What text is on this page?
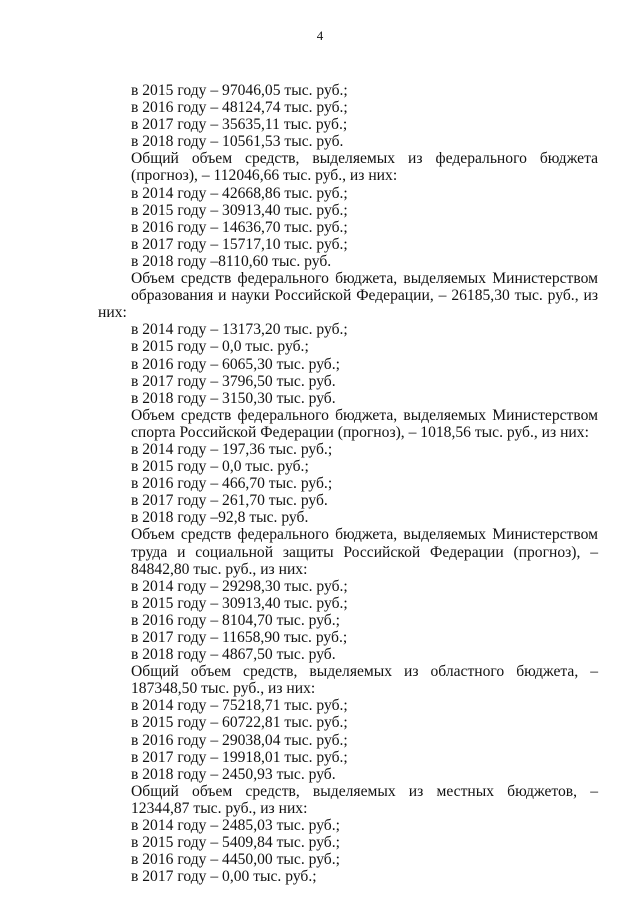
4
в 2015 году – 97046,05 тыс. руб.;
в 2016 году – 48124,74 тыс. руб.;
в 2017 году – 35635,11 тыс. руб.;
в 2018 году – 10561,53 тыс. руб.
Общий объем средств, выделяемых из федерального бюджета
(прогноз), – 112046,66 тыс. руб., из них:
в 2014 году – 42668,86 тыс. руб.;
в 2015 году – 30913,40 тыс. руб.;
в 2016 году – 14636,70 тыс. руб.;
в 2017 году – 15717,10 тыс. руб.;
в 2018 году –8110,60 тыс. руб.
Объем средств федерального бюджета, выделяемых Министерством
образования и науки Российской Федерации, – 26185,30 тыс. руб., из них:
в 2014 году – 13173,20 тыс. руб.;
в 2015 году – 0,0 тыс. руб.;
в 2016 году – 6065,30 тыс. руб.;
в 2017 году – 3796,50 тыс. руб.
в 2018 году – 3150,30 тыс. руб.
Объем средств федерального бюджета, выделяемых Министерством
спорта Российской Федерации (прогноз), – 1018,56 тыс. руб., из них:
в 2014 году – 197,36 тыс. руб.;
в 2015 году – 0,0 тыс. руб.;
в 2016 году – 466,70 тыс. руб.;
в 2017 году – 261,70 тыс. руб.
в 2018 году –92,8 тыс. руб.
Объем средств федерального бюджета, выделяемых Министерством
труда и социальной защиты Российской Федерации (прогноз), –
84842,80 тыс. руб., из них:
в 2014 году – 29298,30 тыс. руб.;
в 2015 году – 30913,40 тыс. руб.;
в 2016 году – 8104,70 тыс. руб.;
в 2017 году – 11658,90 тыс. руб.;
в 2018 году – 4867,50 тыс. руб.
Общий объем средств, выделяемых из областного бюджета, –
187348,50 тыс. руб., из них:
в 2014 году – 75218,71 тыс. руб.;
в 2015 году – 60722,81 тыс. руб.;
в 2016 году – 29038,04 тыс. руб.;
в 2017 году – 19918,01 тыс. руб.;
в 2018 году – 2450,93 тыс. руб.
Общий объем средств, выделяемых из местных бюджетов, –
12344,87 тыс. руб., из них:
в 2014 году – 2485,03 тыс. руб.;
в 2015 году – 5409,84 тыс. руб.;
в 2016 году – 4450,00 тыс. руб.;
в 2017 году – 0,00 тыс. руб.;
